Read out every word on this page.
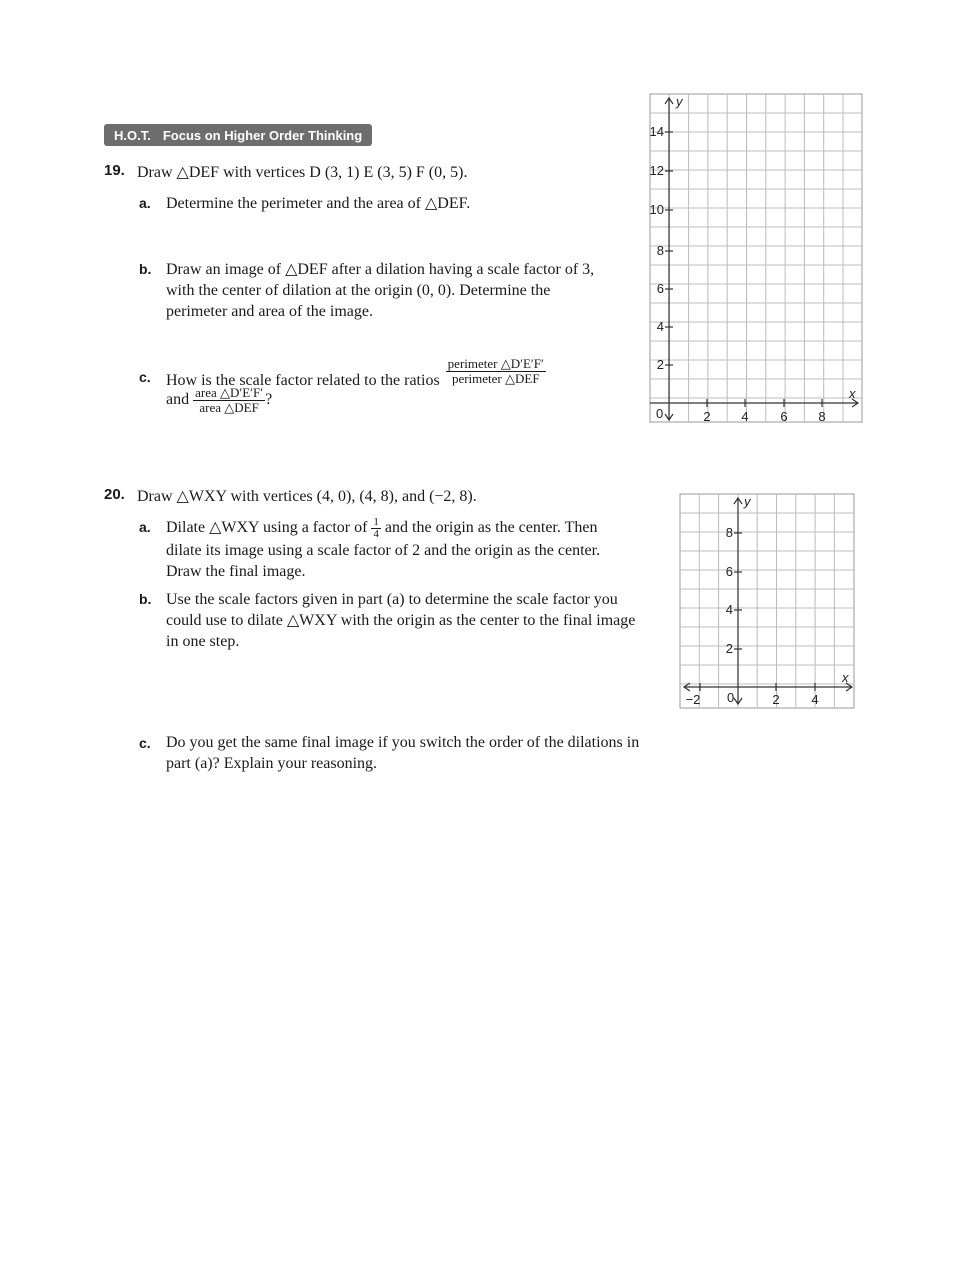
H.O.T. Focus on Higher Order Thinking
19. Draw △DEF with vertices D (3, 1) E (3, 5) F (0, 5).
a. Determine the perimeter and the area of △DEF.
b. Draw an image of △DEF after a dilation having a scale factor of 3, with the center of dilation at the origin (0, 0). Determine the perimeter and area of the image.
c. How is the scale factor related to the ratios $\frac{\text{perimeter △D′E′F′}}{\text{perimeter △DEF}}$
and $\frac{\text{area △D′E′F′}}{\text{area △DEF}}$ ?
20. Draw △WXY with vertices (4, 0), (4, 8), and (−2, 8).
a. Dilate △WXY using a factor of $\frac{1}{4}$ and the origin as the center. Then dilate its image using a scale factor of 2 and the origin as the center. Draw the final image.
b. Use the scale factors given in part (a) to determine the scale factor you could use to dilate △WXY with the origin as the center to the final image in one step.
c. Do you get the same final image if you switch the order of the dilations in part (a)? Explain your reasoning.
y
x
0	2 4 6 8
2
4
6
8
10
12
14
y
x
0
−2	2 4
2
4
6
8
